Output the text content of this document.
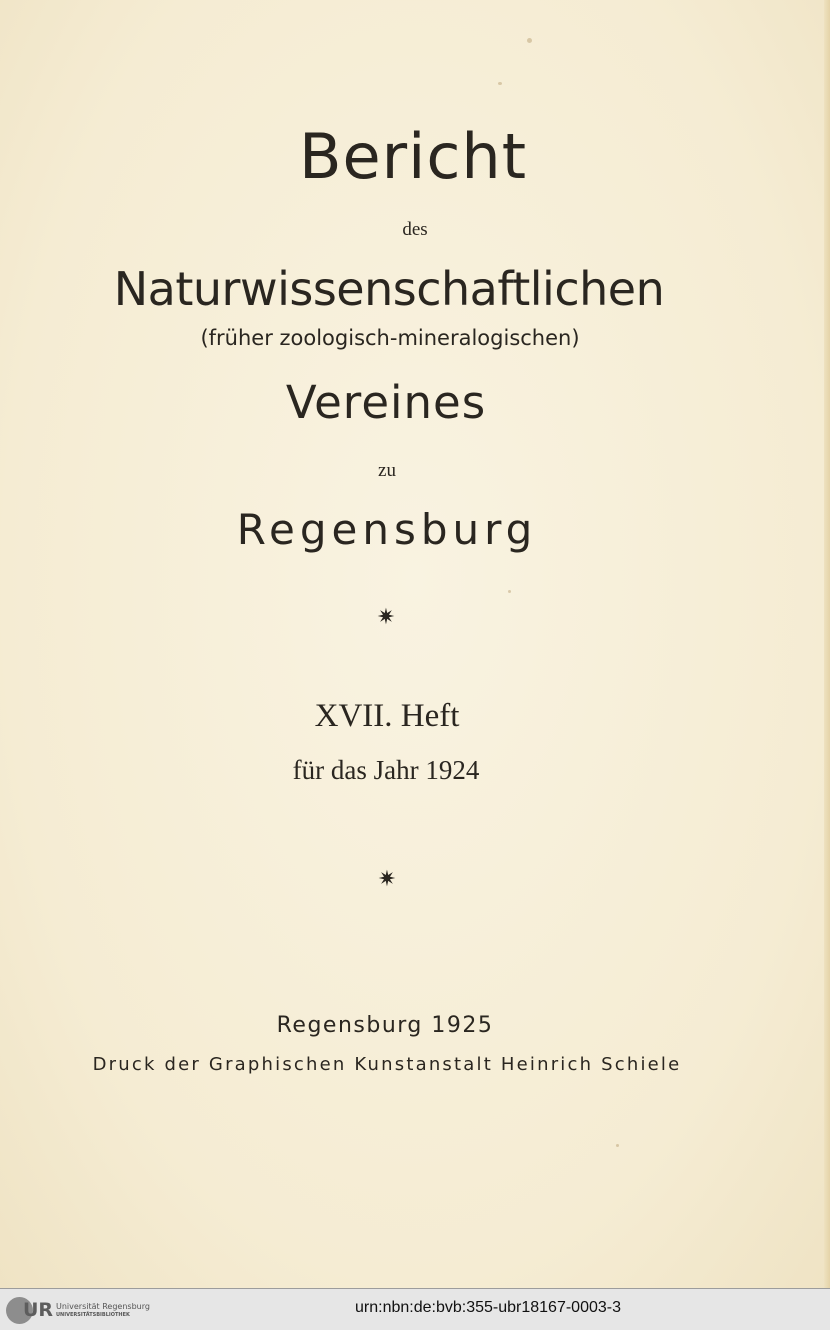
Bericht
des
Naturwissenschaftlichen
(früher zoologisch-mineralogischen)
Vereines
zu
Regensburg
✷
XVII. Heft
für das Jahr 1924
✷
Regensburg 1925
Druck der Graphischen Kunstanstalt Heinrich Schiele
UR Universität Regensburg
UNIVERSITÄTSBIBLIOTHEK	urn:nbn:de:bvb:355-ubr18167-0003-3
